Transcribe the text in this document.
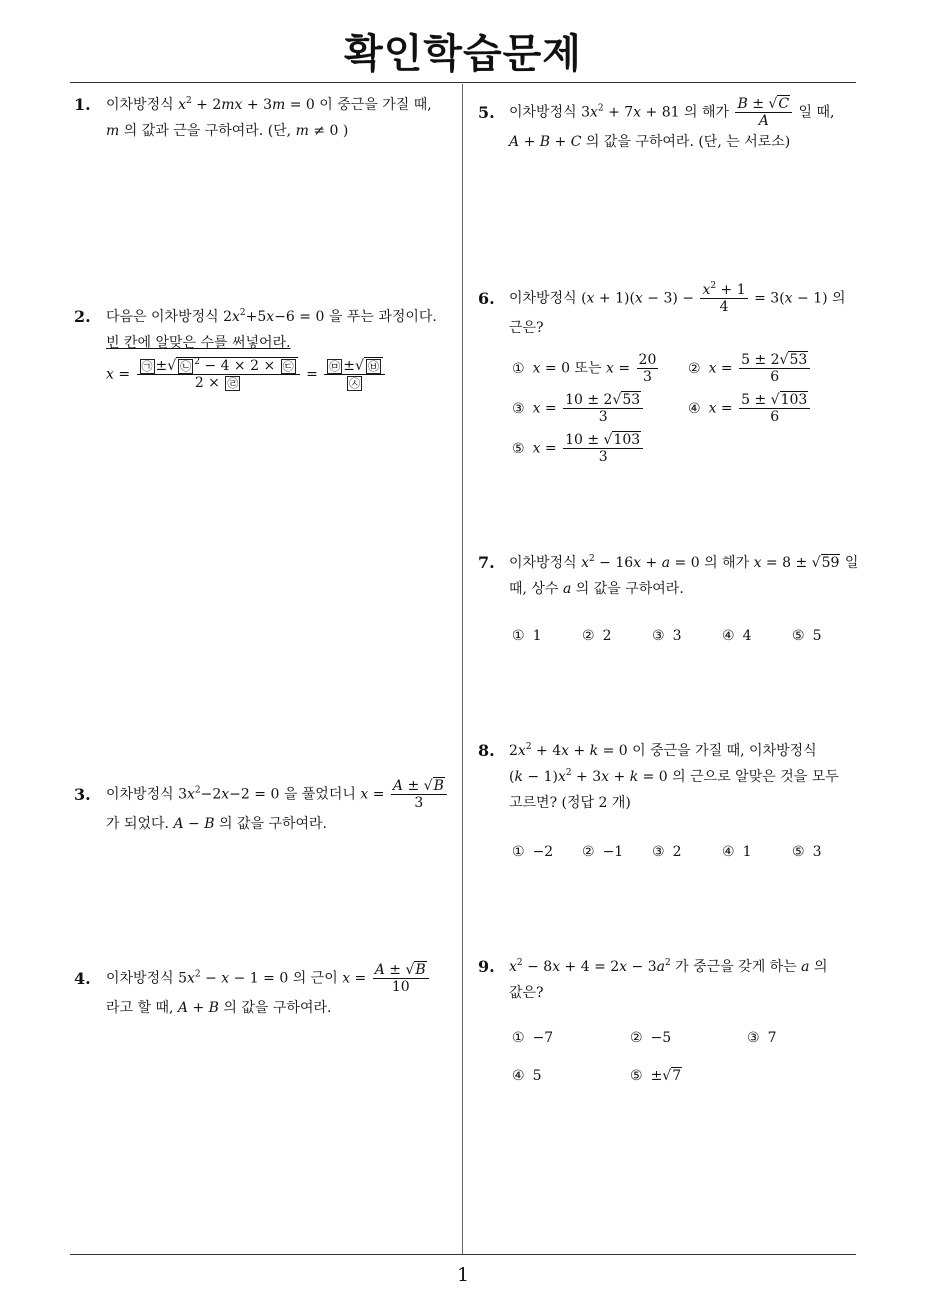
확인학습문제
1
1. 이차방정식 $x^2 + 2mx + 3m = 0$ 이 중근을 가질 때,
m 의 값과 근을 구하여라. (단, m ≠ 0 )
2. 다음은 이차방정식 $2x^2+5x-6 = 0$ 을 푸는 과정이다.
빈 칸에 알맞은 수를 써넣어라.
$x = \frac{㉠ \pm√ ㉡ ^2 - 4 \times 2 \times ㉢}{2 \times ㉣} = \frac{㉤ \pm√ ㉥}{㉦}$
3. 이차방정식 $3x^2-2x-2 = 0$ 을 풀었더니 $x = \frac{A \pm √B}{3}$
가 되었다. A − B 의 값을 구하여라.
4. 이차방정식 $5x^2 - x - 1 = 0$ 의 근이 $x = \frac{A \pm √B}{10}$
라고 할 때, A + B 의 값을 구하여라.
5. 이차방정식 $3x^2 + 7x + 81$ 의 해가 $\frac{B \pm √C}{A}$ 일 때,
A + B + C 의 값을 구하여라. (단, 는 서로소)
6. 이차방정식 $(x + 1)(x - 3) - \frac{x^2 + 1}{4} = 3(x - 1)$ 의
근은?
① x = 0 또는 $x = \frac{20}{3}$ ② $x = \frac{5 \pm 2√53}{6}$
③ $x = \frac{10 \pm 2√53}{3}$	④ $x = \frac{5 \pm √103}{6}$
⑤ $x = \frac{10 \pm √103}{3}$
7. 이차방정식 $x^2 - 16x + a = 0$ 의 해가 x = 8 ± √59 일
때, 상수 a 의 값을 구하여라.
① 1	② 2	③ 3	④ 4	⑤ 5
8. $2x^2 + 4x + k = 0$ 이 중근을 가질 때, 이차방정식
$(k - 1)x^2 + 3x + k = 0$ 의 근으로 알맞은 것을 모두
고르면? (정답 2 개)
① −2 ② −1 ③ 2	④ 1	⑤ 3
9. $x^2 - 8x + 4 = 2x - 3a^2$ 가 중근을 갖게 하는 a 의
값은?
① −7	② −5	③ 7
④ 5	⑤ ±√7
